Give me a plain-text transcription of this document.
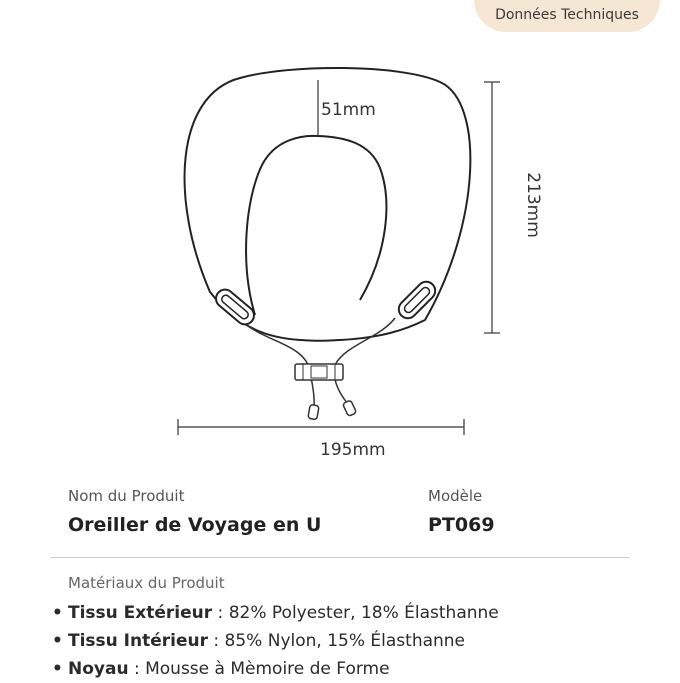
Données Techniques
51mm
213mm
195mm
Nom du Produit
Oreiller de Voyage en U
Modèle
PT069
Matériaux du Produit
• Tissu Extérieur : 82% Polyester, 18% Élasthanne
• Tissu Intérieur : 85% Nylon, 15% Élasthanne
• Noyau : Mousse à Mèmoire de Forme
